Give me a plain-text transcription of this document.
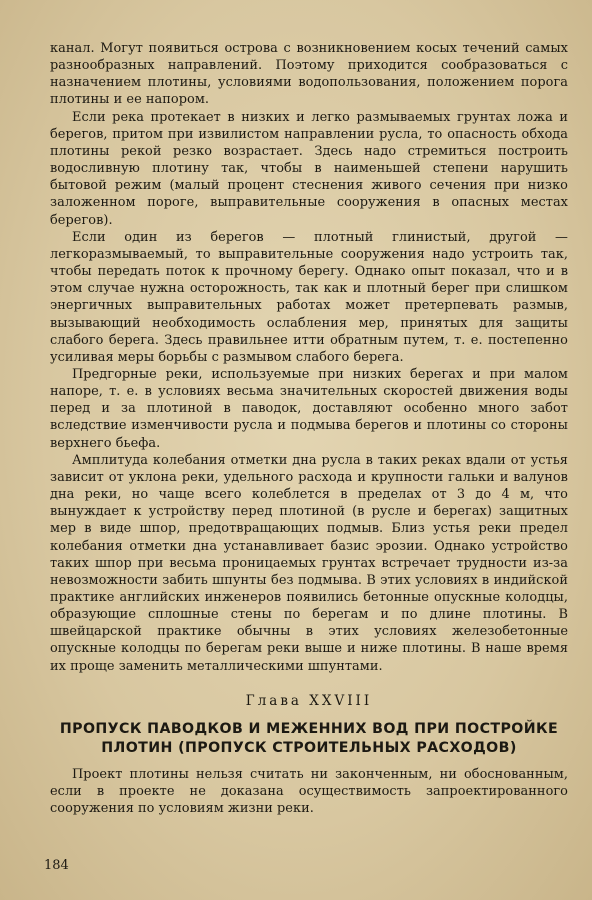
канал. Могут появиться острова с возникновением косых течений самых разнообразных направлений. Поэтому приходится сообразоваться с назначением плотины, условиями водопользования, положением порога плотины и ее напором.

Если река протекает в низких и легко размываемых грунтах ложа и берегов, притом при извилистом направлении русла, то опасность обхода плотины рекой резко возрастает. Здесь надо стремиться построить водосливную плотину так, чтобы в наименьшей степени нарушить бытовой режим (малый процент стеснения живого сечения при низко заложенном пороге, выправительные сооружения в опасных местах берегов).

Если один из берегов — плотный глинистый, другой — легкоразмываемый, то выправительные сооружения надо устроить так, чтобы передать поток к прочному берегу. Однако опыт показал, что и в этом случае нужна осторожность, так как и плотный берег при слишком энергичных выправительных работах может претерпевать размыв, вызывающий необходимость ослабления мер, принятых для защиты слабого берега. Здесь правильнее итти обратным путем, т. е. постепенно усиливая меры борьбы с размывом слабого берега.

Предгорные реки, используемые при низких берегах и при малом напоре, т. е. в условиях весьма значительных скоростей движения воды перед и за плотиной в паводок, доставляют особенно много забот вследствие изменчивости русла и подмыва берегов и плотины со стороны верхнего бьефа.

Амплитуда колебания отметки дна русла в таких реках вдали от устья зависит от уклона реки, удельного расхода и крупности гальки и валунов дна реки, но чаще всего колеблется в пределах от 3 до 4 м, что вынуждает к устройству перед плотиной (в русле и берегах) защитных мер в виде шпор, предотвращающих подмыв. Близ устья реки предел колебания отметки дна устанавливает базис эрозии. Однако устройство таких шпор при весьма проницаемых грунтах встречает трудности из-за невозможности забить шпунты без подмыва. В этих условиях в индийской практике английских инженеров появились бетонные опускные колодцы, образующие сплошные стены по берегам и по длине плотины. В швейцарской практике обычны в этих условиях железобетонные опускные колодцы по берегам реки выше и ниже плотины. В наше время их проще заменить металлическими шпунтами.

Глава XXVIII
ПРОПУСК ПАВОДКОВ И МЕЖЕННИХ ВОД ПРИ ПОСТРОЙКЕ ПЛОТИН (ПРОПУСК СТРОИТЕЛЬНЫХ РАСХОДОВ)

Проект плотины нельзя считать ни законченным, ни обоснованным, если в проекте не доказана осуществимость запроектированного сооружения по условиям жизни реки.

184
